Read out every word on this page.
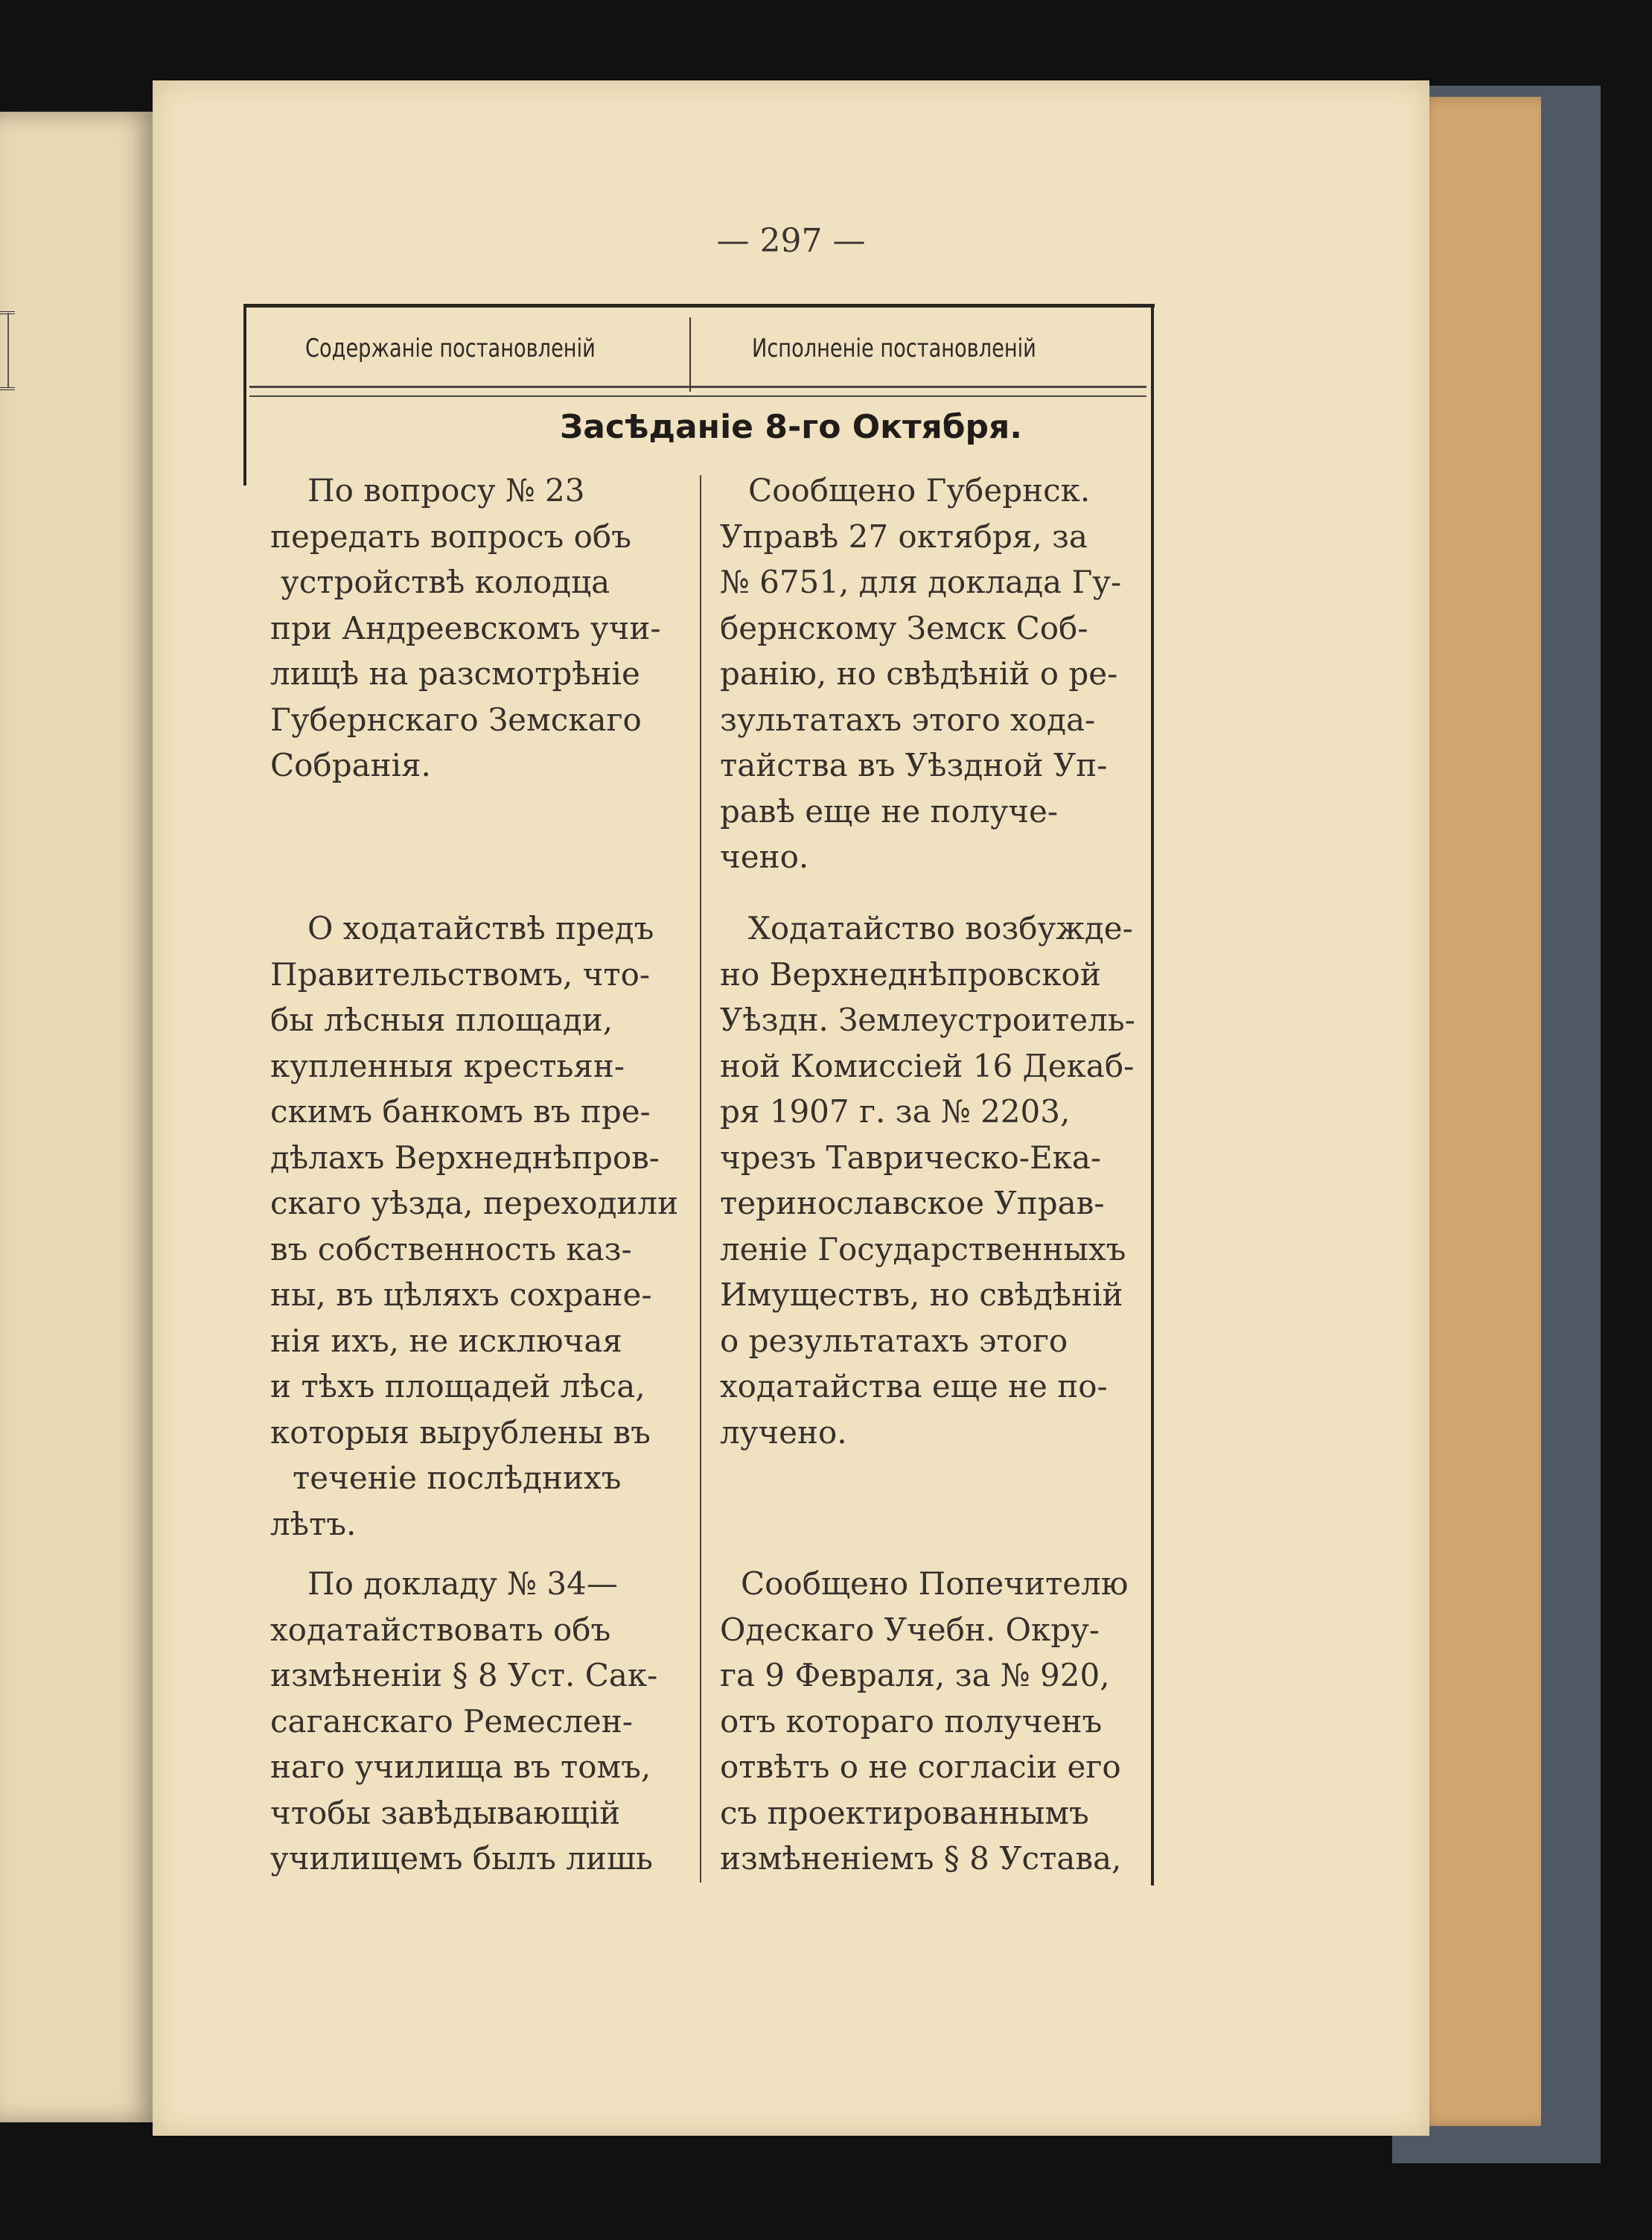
— 297 —
Содержаніе постановленій	Исполненіе постановленій
Засѣданіе 8-го Октября.
По вопросу № 23
передать вопросъ объ
устройствѣ колодца
при Андреевскомъ учи-
лищѣ на разсмотрѣніе
Губернскаго Земскаго
Собранія.
Сообщено Губернск.
Управѣ 27 октября, за
№ 6751, для доклада Гу-
бернскому Земск Соб-
ранію, но свѣдѣній о ре-
зультатахъ этого хода-
тайства въ Уѣздной Уп-
равѣ еще не получе-
чено.
О ходатайствѣ предъ
Правительствомъ, что-
бы лѣсныя площади,
купленныя крестьян-
скимъ банкомъ въ пре-
дѣлахъ Верхнеднѣпров-
скаго уѣзда, переходили
въ собственность каз-
ны, въ цѣляхъ сохране-
нія ихъ, не исключая
и тѣхъ площадей лѣса,
которыя вырублены въ
теченіе послѣднихъ
лѣтъ.
Ходатайство возбужде-
но Верхнеднѣпровской
Уѣздн. Землеустроитель-
ной Комиссіей 16 Декаб-
ря 1907 г. за № 2203,
чрезъ Таврическо-Ека-
теринославское Управ-
леніе Государственныхъ
Имуществъ, но свѣдѣній
о результатахъ этого
ходатайства еще не по-
лучено.
По докладу № 34—
ходатайствовать объ
измѣненіи § 8 Уст. Сак-
саганскаго Ремеслен-
наго училища въ томъ,
чтобы завѣдывающій
училищемъ былъ лишь
Сообщено Попечителю
Одескаго Учебн. Окру-
га 9 Февраля, за № 920,
отъ котораго полученъ
отвѣтъ о не согласіи его
съ проектированнымъ
измѣненіемъ § 8 Устава,
